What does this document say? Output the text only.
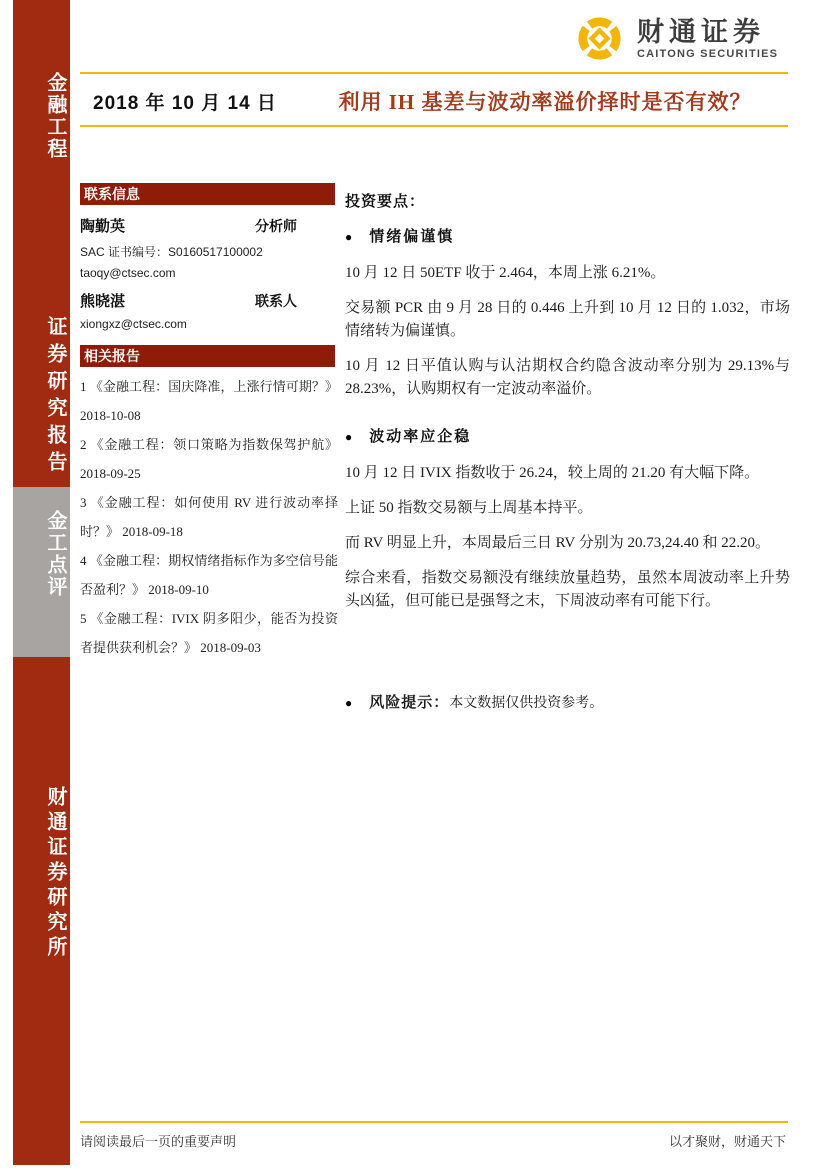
金融工程
证券研究报告
金工点评
财通证券研究所
财通证券
CAITONG SECURITIES
2018 年 10 月 14 日	利用 IH 基差与波动率溢价择时是否有效？
联系信息
陶勤英	分析师
SAC 证书编号：S0160517100002
taoqy@ctsec.com
熊晓湛	联系人
xiongxz@ctsec.com
相关报告
1 《金融工程：国庆降准，上涨行情可期？》 2018-10-08
2 《金融工程：领口策略为指数保驾护航》 2018-09-25
3 《金融工程：如何使用 RV 进行波动率择时？》 2018-09-18
4 《金融工程：期权情绪指标作为多空信号能否盈利？》 2018-09-10
5 《金融工程：IVIX 阴多阳少，能否为投资者提供获利机会？》 2018-09-03
投资要点：
● 情绪偏谨慎

10 月 12 日 50ETF 收于 2.464，本周上涨 6.21%。

交易额 PCR 由 9 月 28 日的 0.446 上升到 10 月 12 日的 1.032，市场情绪转为偏谨慎。

10 月 12 日平值认购与认沽期权合约隐含波动率分别为 29.13%与 28.23%，认购期权有一定波动率溢价。

● 波动率应企稳

10 月 12 日 IVIX 指数收于 26.24，较上周的 21.20 有大幅下降。

上证 50 指数交易额与上周基本持平。

而 RV 明显上升，本周最后三日 RV 分别为 20.73,24.40 和 22.20。

综合来看，指数交易额没有继续放量趋势，虽然本周波动率上升势头凶猛，但可能已是强弩之末，下周波动率有可能下行。

● 风险提示：本文数据仅供投资参考。
请阅读最后一页的重要声明	以才聚财，财通天下
